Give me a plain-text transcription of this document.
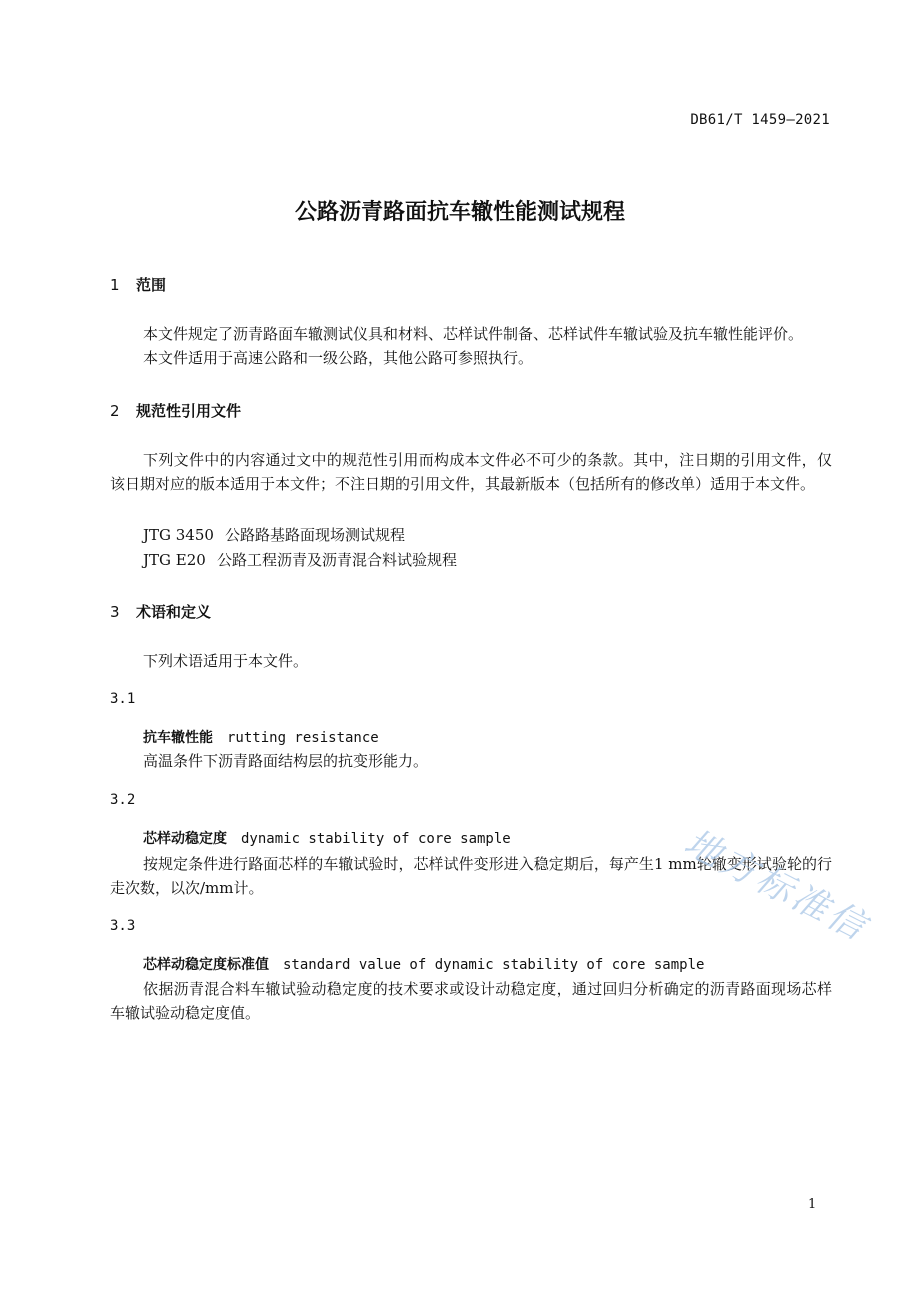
DB61/T 1459—2021
公路沥青路面抗车辙性能测试规程
1 范围
本文件规定了沥青路面车辙测试仪具和材料、芯样试件制备、芯样试件车辙试验及抗车辙性能评价。
本文件适用于高速公路和一级公路，其他公路可参照执行。
2 规范性引用文件
下列文件中的内容通过文中的规范性引用而构成本文件必不可少的条款。其中，注日期的引用文件，仅该日期对应的版本适用于本文件；不注日期的引用文件，其最新版本（包括所有的修改单）适用于本文件。
JTG 3450 公路路基路面现场测试规程
JTG E20 公路工程沥青及沥青混合料试验规程
3 术语和定义
下列术语适用于本文件。
3.1
抗车辙性能 rutting resistance
高温条件下沥青路面结构层的抗变形能力。
3.2
芯样动稳定度 dynamic stability of core sample
按规定条件进行路面芯样的车辙试验时，芯样试件变形进入稳定期后，每产生1 mm轮辙变形试验轮的行走次数，以次/mm计。
3.3
芯样动稳定度标准值 standard value of dynamic stability of core sample
依据沥青混合料车辙试验动稳定度的技术要求或设计动稳定度，通过回归分析确定的沥青路面现场芯样车辙试验动稳定度值。
地方标准信
1
